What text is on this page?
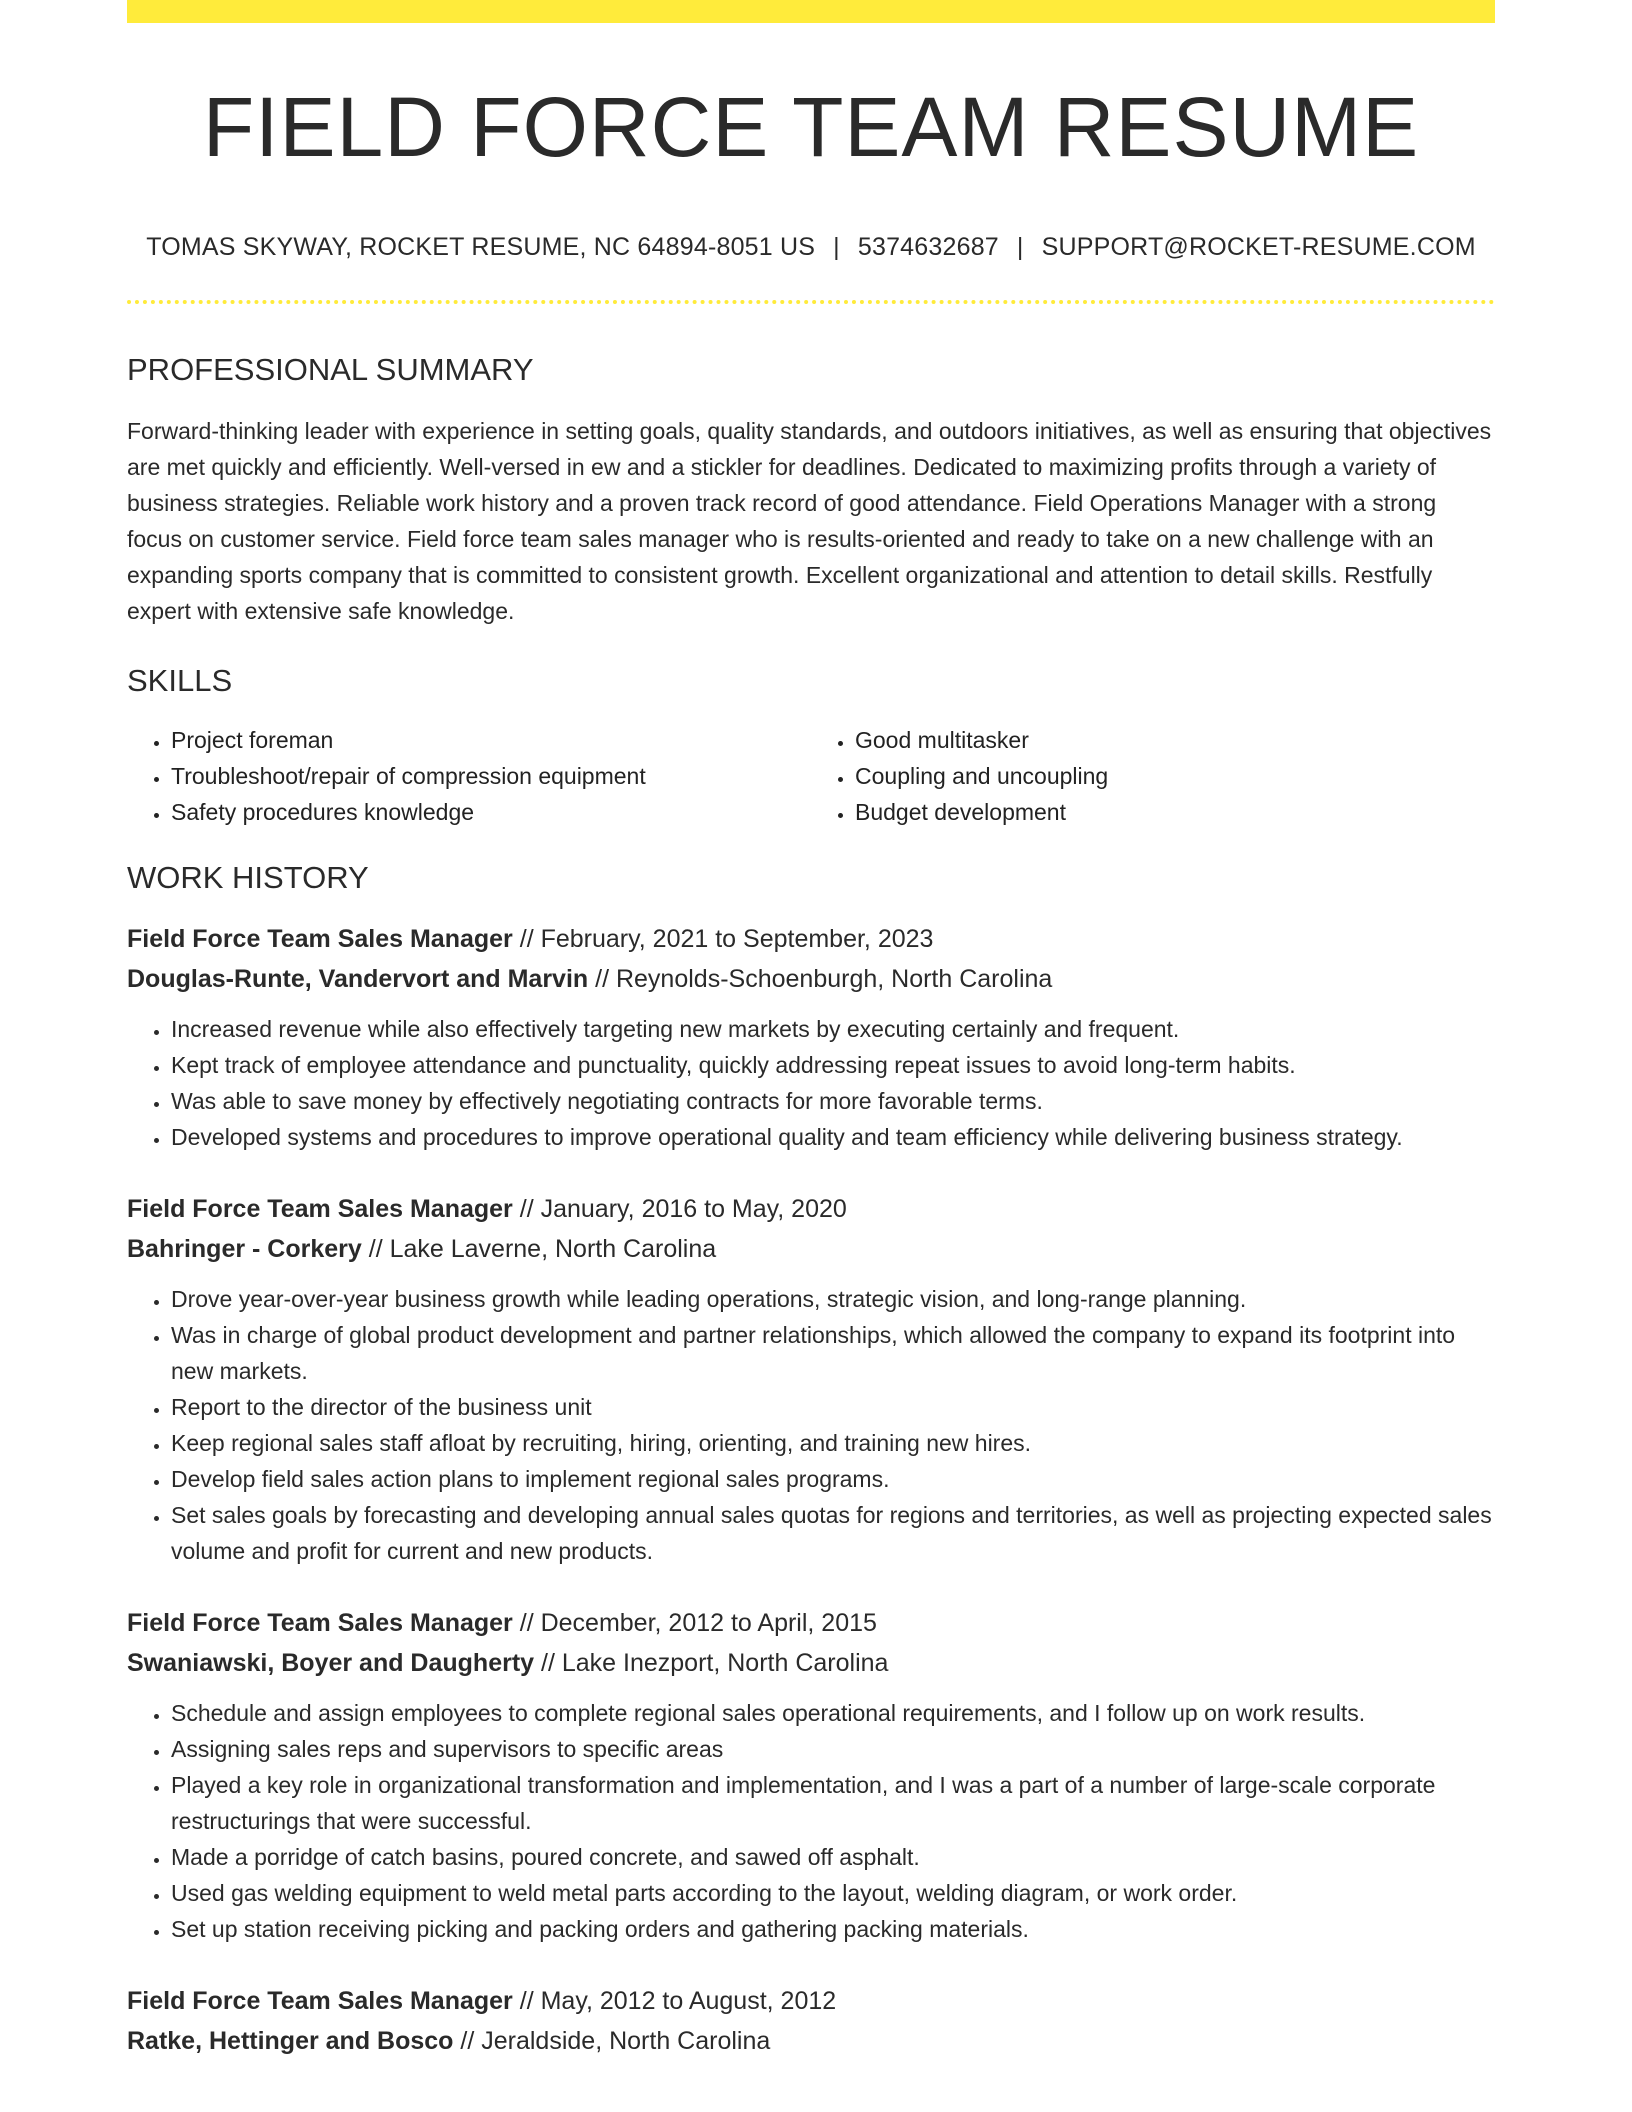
FIELD FORCE TEAM RESUME
TOMAS SKYWAY, ROCKET RESUME, NC 64894-8051 US | 5374632687 | SUPPORT@ROCKET-RESUME.COM
PROFESSIONAL SUMMARY

Forward-thinking leader with experience in setting goals, quality standards, and outdoors initiatives, as well as ensuring that objectives are met quickly and efficiently. Well-versed in ew and a stickler for deadlines. Dedicated to maximizing profits through a variety of business strategies. Reliable work history and a proven track record of good attendance. Field Operations Manager with a strong focus on customer service. Field force team sales manager who is results-oriented and ready to take on a new challenge with an expanding sports company that is committed to consistent growth. Excellent organizational and attention to detail skills. Restfully expert with extensive safe knowledge.

SKILLS
• Project foreman
• Troubleshoot/repair of compression equipment
• Safety procedures knowledge
• Good multitasker
• Coupling and uncoupling
• Budget development
WORK HISTORY
Field Force Team Sales Manager // February, 2021 to September, 2023
Douglas-Runte, Vandervort and Marvin // Reynolds-Schoenburgh, North Carolina
• Increased revenue while also effectively targeting new markets by executing certainly and frequent.
• Kept track of employee attendance and punctuality, quickly addressing repeat issues to avoid long-term habits.
• Was able to save money by effectively negotiating contracts for more favorable terms.
• Developed systems and procedures to improve operational quality and team efficiency while delivering business strategy.
Field Force Team Sales Manager // January, 2016 to May, 2020
Bahringer - Corkery // Lake Laverne, North Carolina
• Drove year-over-year business growth while leading operations, strategic vision, and long-range planning.
• Was in charge of global product development and partner relationships, which allowed the company to expand its footprint into new markets.
• Report to the director of the business unit
• Keep regional sales staff afloat by recruiting, hiring, orienting, and training new hires.
• Develop field sales action plans to implement regional sales programs.
• Set sales goals by forecasting and developing annual sales quotas for regions and territories, as well as projecting expected sales volume and profit for current and new products.
Field Force Team Sales Manager // December, 2012 to April, 2015
Swaniawski, Boyer and Daugherty // Lake Inezport, North Carolina
• Schedule and assign employees to complete regional sales operational requirements, and I follow up on work results.
• Assigning sales reps and supervisors to specific areas
• Played a key role in organizational transformation and implementation, and I was a part of a number of large-scale corporate restructurings that were successful.
• Made a porridge of catch basins, poured concrete, and sawed off asphalt.
• Used gas welding equipment to weld metal parts according to the layout, welding diagram, or work order.
• Set up station receiving picking and packing orders and gathering packing materials.
Field Force Team Sales Manager // May, 2012 to August, 2012
Ratke, Hettinger and Bosco // Jeraldside, North Carolina
